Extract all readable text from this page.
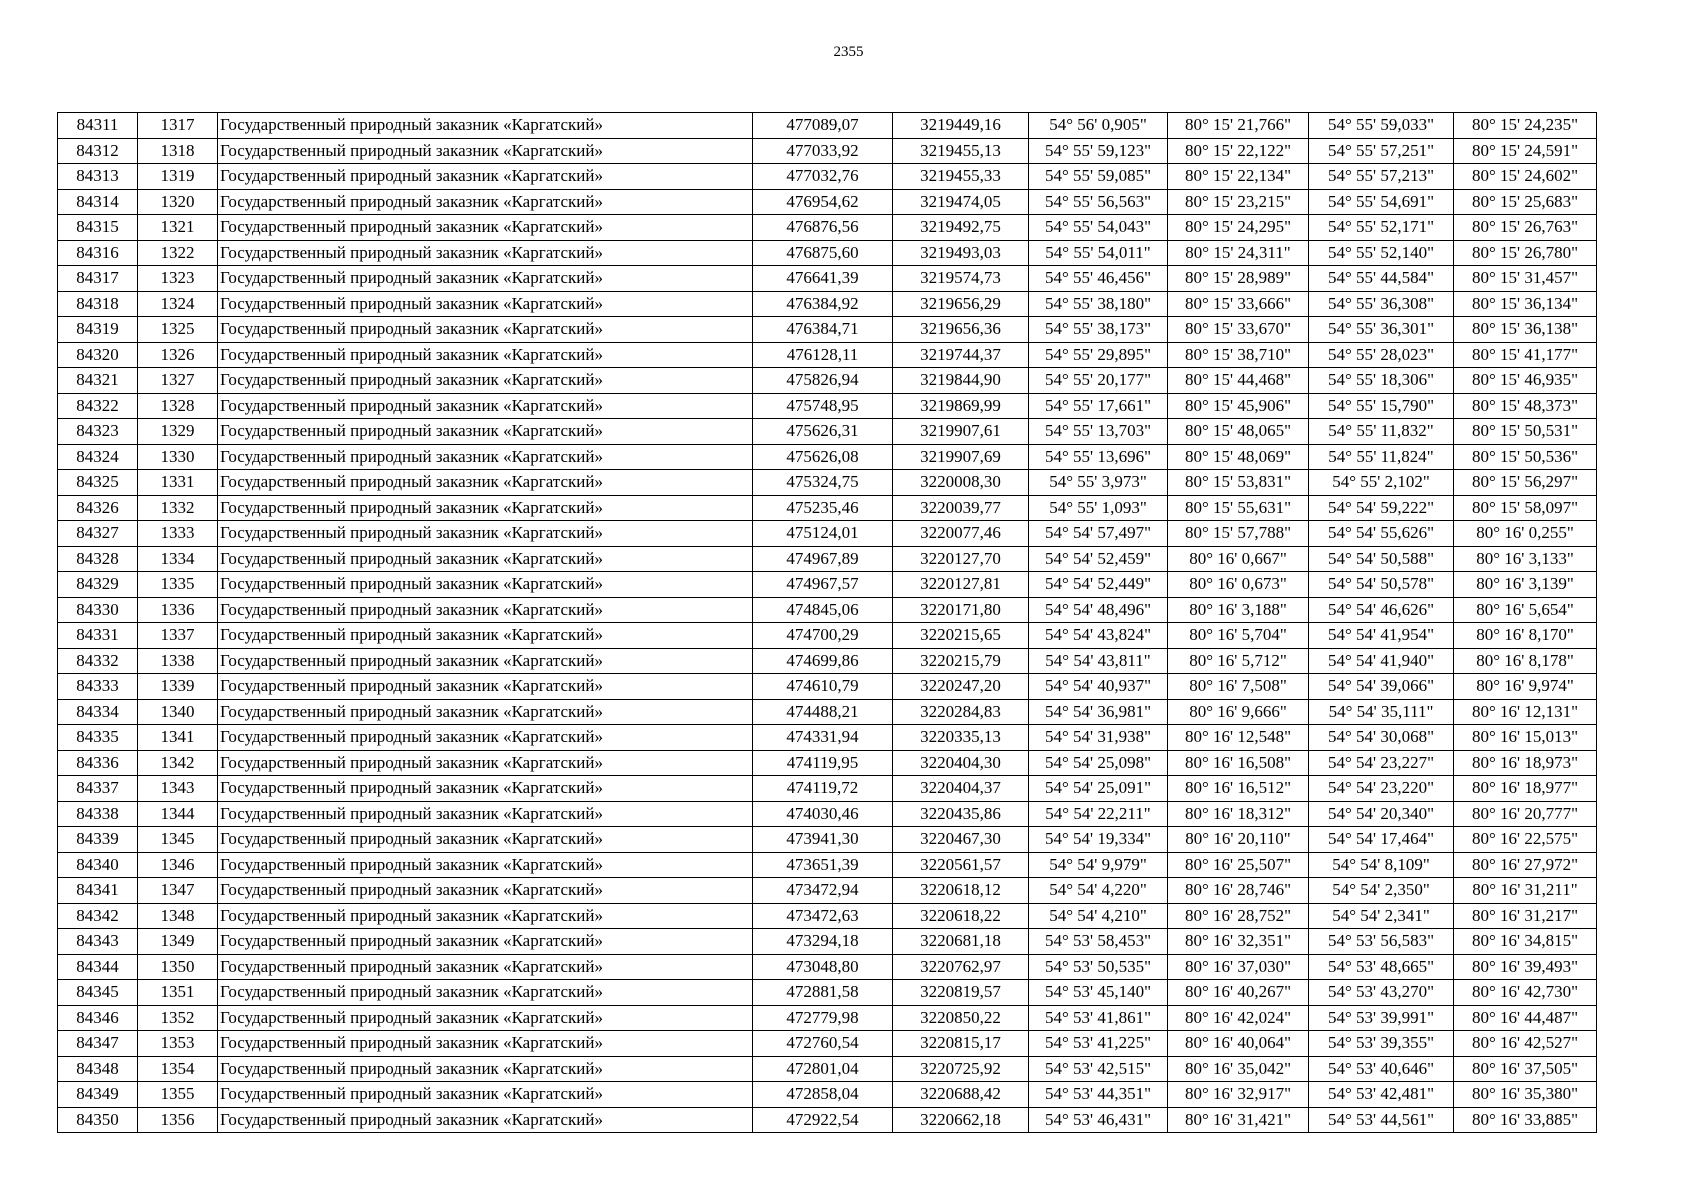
2355
84311	1317	Государственный природный заказник «Каргатский»	477089,07	3219449,16	54° 56' 0,905"	80° 15' 21,766"	54° 55' 59,033"	80° 15' 24,235"
84312	1318	Государственный природный заказник «Каргатский»	477033,92	3219455,13	54° 55' 59,123"	80° 15' 22,122"	54° 55' 57,251"	80° 15' 24,591"
84313	1319	Государственный природный заказник «Каргатский»	477032,76	3219455,33	54° 55' 59,085"	80° 15' 22,134"	54° 55' 57,213"	80° 15' 24,602"
84314	1320	Государственный природный заказник «Каргатский»	476954,62	3219474,05	54° 55' 56,563"	80° 15' 23,215"	54° 55' 54,691"	80° 15' 25,683"
84315	1321	Государственный природный заказник «Каргатский»	476876,56	3219492,75	54° 55' 54,043"	80° 15' 24,295"	54° 55' 52,171"	80° 15' 26,763"
84316	1322	Государственный природный заказник «Каргатский»	476875,60	3219493,03	54° 55' 54,011"	80° 15' 24,311"	54° 55' 52,140"	80° 15' 26,780"
84317	1323	Государственный природный заказник «Каргатский»	476641,39	3219574,73	54° 55' 46,456"	80° 15' 28,989"	54° 55' 44,584"	80° 15' 31,457"
84318	1324	Государственный природный заказник «Каргатский»	476384,92	3219656,29	54° 55' 38,180"	80° 15' 33,666"	54° 55' 36,308"	80° 15' 36,134"
84319	1325	Государственный природный заказник «Каргатский»	476384,71	3219656,36	54° 55' 38,173"	80° 15' 33,670"	54° 55' 36,301"	80° 15' 36,138"
84320	1326	Государственный природный заказник «Каргатский»	476128,11	3219744,37	54° 55' 29,895"	80° 15' 38,710"	54° 55' 28,023"	80° 15' 41,177"
84321	1327	Государственный природный заказник «Каргатский»	475826,94	3219844,90	54° 55' 20,177"	80° 15' 44,468"	54° 55' 18,306"	80° 15' 46,935"
84322	1328	Государственный природный заказник «Каргатский»	475748,95	3219869,99	54° 55' 17,661"	80° 15' 45,906"	54° 55' 15,790"	80° 15' 48,373"
84323	1329	Государственный природный заказник «Каргатский»	475626,31	3219907,61	54° 55' 13,703"	80° 15' 48,065"	54° 55' 11,832"	80° 15' 50,531"
84324	1330	Государственный природный заказник «Каргатский»	475626,08	3219907,69	54° 55' 13,696"	80° 15' 48,069"	54° 55' 11,824"	80° 15' 50,536"
84325	1331	Государственный природный заказник «Каргатский»	475324,75	3220008,30	54° 55' 3,973"	80° 15' 53,831"	54° 55' 2,102"	80° 15' 56,297"
84326	1332	Государственный природный заказник «Каргатский»	475235,46	3220039,77	54° 55' 1,093"	80° 15' 55,631"	54° 54' 59,222"	80° 15' 58,097"
84327	1333	Государственный природный заказник «Каргатский»	475124,01	3220077,46	54° 54' 57,497"	80° 15' 57,788"	54° 54' 55,626"	80° 16' 0,255"
84328	1334	Государственный природный заказник «Каргатский»	474967,89	3220127,70	54° 54' 52,459"	80° 16' 0,667"	54° 54' 50,588"	80° 16' 3,133"
84329	1335	Государственный природный заказник «Каргатский»	474967,57	3220127,81	54° 54' 52,449"	80° 16' 0,673"	54° 54' 50,578"	80° 16' 3,139"
84330	1336	Государственный природный заказник «Каргатский»	474845,06	3220171,80	54° 54' 48,496"	80° 16' 3,188"	54° 54' 46,626"	80° 16' 5,654"
84331	1337	Государственный природный заказник «Каргатский»	474700,29	3220215,65	54° 54' 43,824"	80° 16' 5,704"	54° 54' 41,954"	80° 16' 8,170"
84332	1338	Государственный природный заказник «Каргатский»	474699,86	3220215,79	54° 54' 43,811"	80° 16' 5,712"	54° 54' 41,940"	80° 16' 8,178"
84333	1339	Государственный природный заказник «Каргатский»	474610,79	3220247,20	54° 54' 40,937"	80° 16' 7,508"	54° 54' 39,066"	80° 16' 9,974"
84334	1340	Государственный природный заказник «Каргатский»	474488,21	3220284,83	54° 54' 36,981"	80° 16' 9,666"	54° 54' 35,111"	80° 16' 12,131"
84335	1341	Государственный природный заказник «Каргатский»	474331,94	3220335,13	54° 54' 31,938"	80° 16' 12,548"	54° 54' 30,068"	80° 16' 15,013"
84336	1342	Государственный природный заказник «Каргатский»	474119,95	3220404,30	54° 54' 25,098"	80° 16' 16,508"	54° 54' 23,227"	80° 16' 18,973"
84337	1343	Государственный природный заказник «Каргатский»	474119,72	3220404,37	54° 54' 25,091"	80° 16' 16,512"	54° 54' 23,220"	80° 16' 18,977"
84338	1344	Государственный природный заказник «Каргатский»	474030,46	3220435,86	54° 54' 22,211"	80° 16' 18,312"	54° 54' 20,340"	80° 16' 20,777"
84339	1345	Государственный природный заказник «Каргатский»	473941,30	3220467,30	54° 54' 19,334"	80° 16' 20,110"	54° 54' 17,464"	80° 16' 22,575"
84340	1346	Государственный природный заказник «Каргатский»	473651,39	3220561,57	54° 54' 9,979"	80° 16' 25,507"	54° 54' 8,109"	80° 16' 27,972"
84341	1347	Государственный природный заказник «Каргатский»	473472,94	3220618,12	54° 54' 4,220"	80° 16' 28,746"	54° 54' 2,350"	80° 16' 31,211"
84342	1348	Государственный природный заказник «Каргатский»	473472,63	3220618,22	54° 54' 4,210"	80° 16' 28,752"	54° 54' 2,341"	80° 16' 31,217"
84343	1349	Государственный природный заказник «Каргатский»	473294,18	3220681,18	54° 53' 58,453"	80° 16' 32,351"	54° 53' 56,583"	80° 16' 34,815"
84344	1350	Государственный природный заказник «Каргатский»	473048,80	3220762,97	54° 53' 50,535"	80° 16' 37,030"	54° 53' 48,665"	80° 16' 39,493"
84345	1351	Государственный природный заказник «Каргатский»	472881,58	3220819,57	54° 53' 45,140"	80° 16' 40,267"	54° 53' 43,270"	80° 16' 42,730"
84346	1352	Государственный природный заказник «Каргатский»	472779,98	3220850,22	54° 53' 41,861"	80° 16' 42,024"	54° 53' 39,991"	80° 16' 44,487"
84347	1353	Государственный природный заказник «Каргатский»	472760,54	3220815,17	54° 53' 41,225"	80° 16' 40,064"	54° 53' 39,355"	80° 16' 42,527"
84348	1354	Государственный природный заказник «Каргатский»	472801,04	3220725,92	54° 53' 42,515"	80° 16' 35,042"	54° 53' 40,646"	80° 16' 37,505"
84349	1355	Государственный природный заказник «Каргатский»	472858,04	3220688,42	54° 53' 44,351"	80° 16' 32,917"	54° 53' 42,481"	80° 16' 35,380"
84350	1356	Государственный природный заказник «Каргатский»	472922,54	3220662,18	54° 53' 46,431"	80° 16' 31,421"	54° 53' 44,561"	80° 16' 33,885"
